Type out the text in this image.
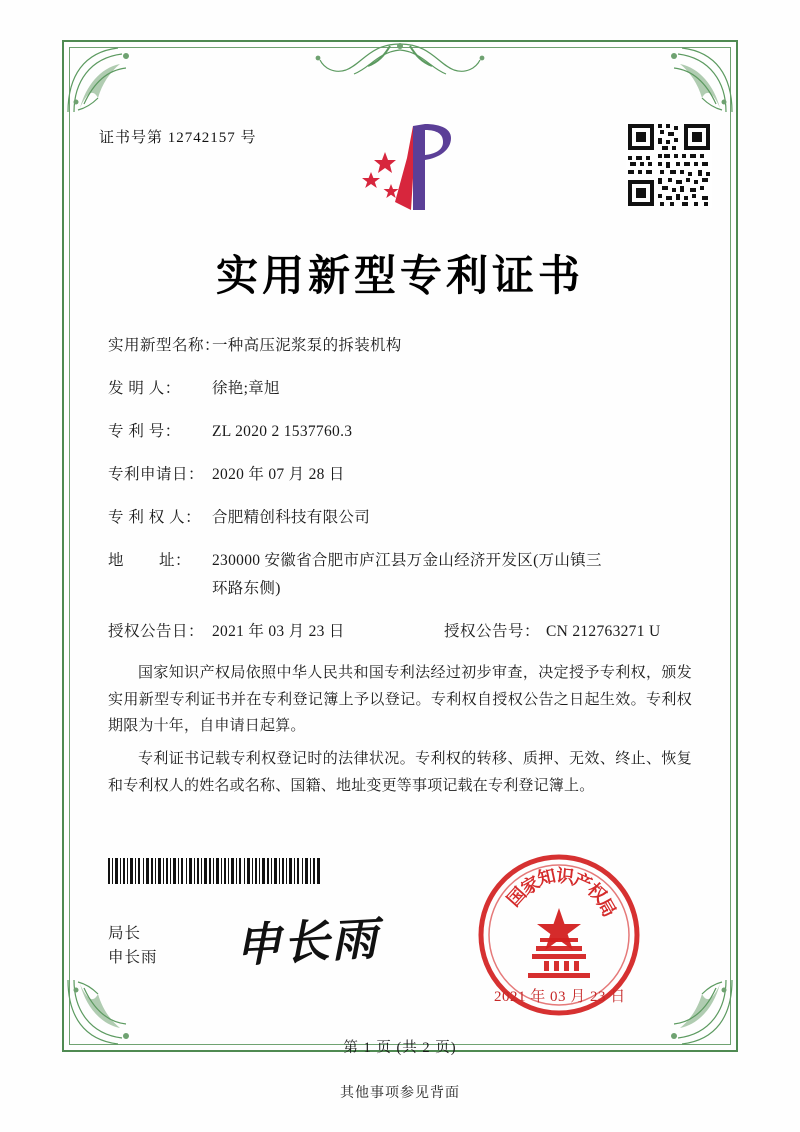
证书号第 12742157 号
实用新型专利证书
实用新型名称：
一种高压泥浆泵的拆装机构
发 明 人：	徐艳;章旭
专 利 号：	ZL 2020 2 1537760.3
专利申请日： 2020 年 07 月 28 日
专 利 权 人： 合肥精创科技有限公司
地        址：	230000 安徽省合肥市庐江县万金山经济开发区(万山镇三
环路东侧)
授权公告日： 2021 年 03 月 23 日	授权公告号： CN 212763271 U

国家知识产权局依照中华人民共和国专利法经过初步审查，决定授予专利权，颁发实用新型专利证书并在专利登记簿上予以登记。专利权自授权公告之日起生效。专利权期限为十年，自申请日起算。

专利证书记载专利权登记时的法律状况。专利权的转移、质押、无效、终止、恢复和专利权人的姓名或名称、国籍、地址变更等事项记载在专利登记簿上。

局长
申长雨 申长雨
国
家
知
识
产
权
局
2021 年 03 月 23 日
第 1 页 (共 2 页)
其他事项参见背面
